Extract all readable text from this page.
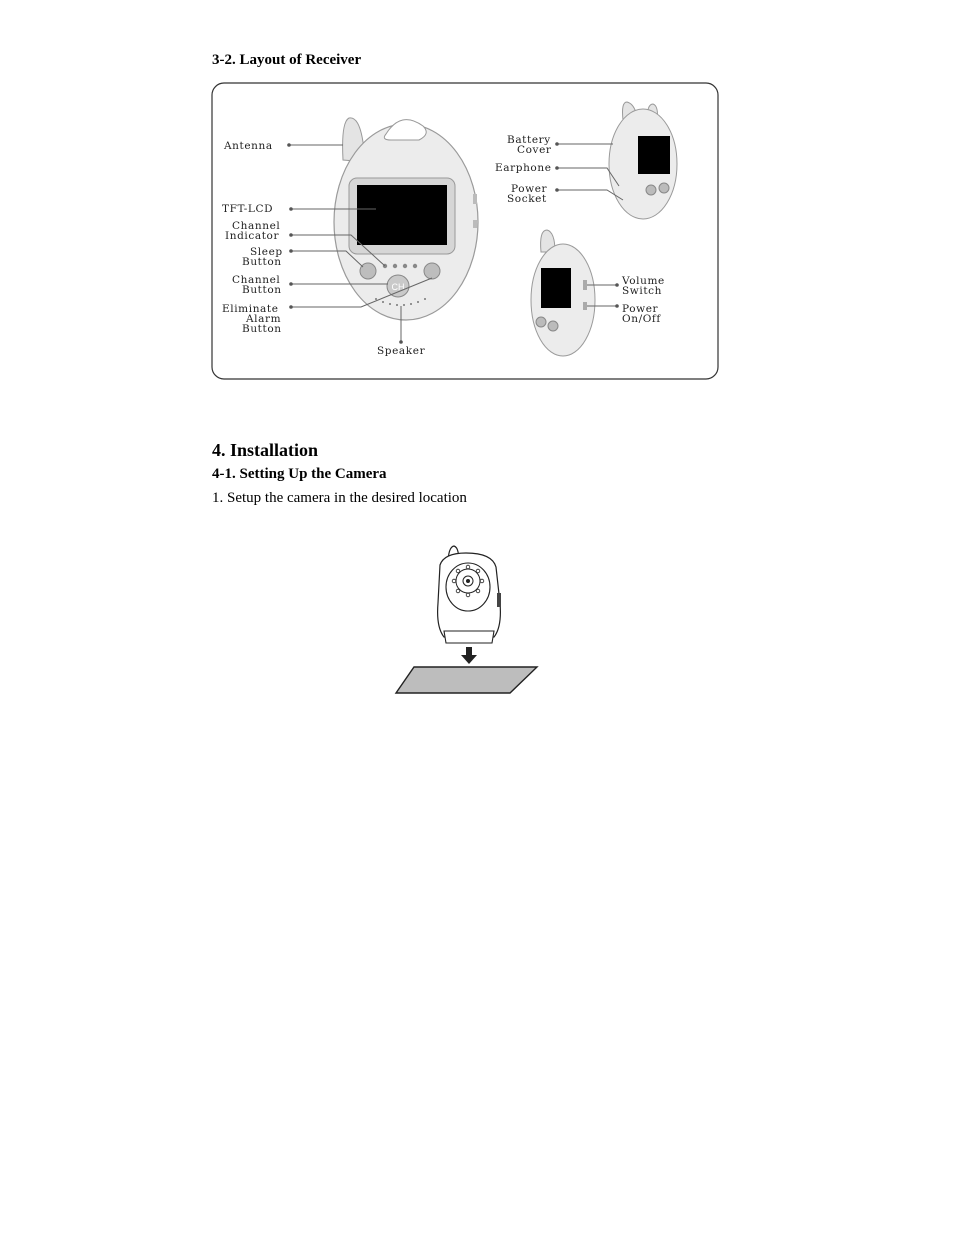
3-2. Layout of Receiver
CH
Antenna
TFT-LCD
Channel
Indicator
Sleep
Button
Channel
Button
Eliminate
Alarm
Button
Speaker
Battery
Cover
Earphone
Power
Socket
Volume
Switch
Power
On/Off
4. Installation
4-1. Setting Up the Camera
1. Setup the camera in the desired location
